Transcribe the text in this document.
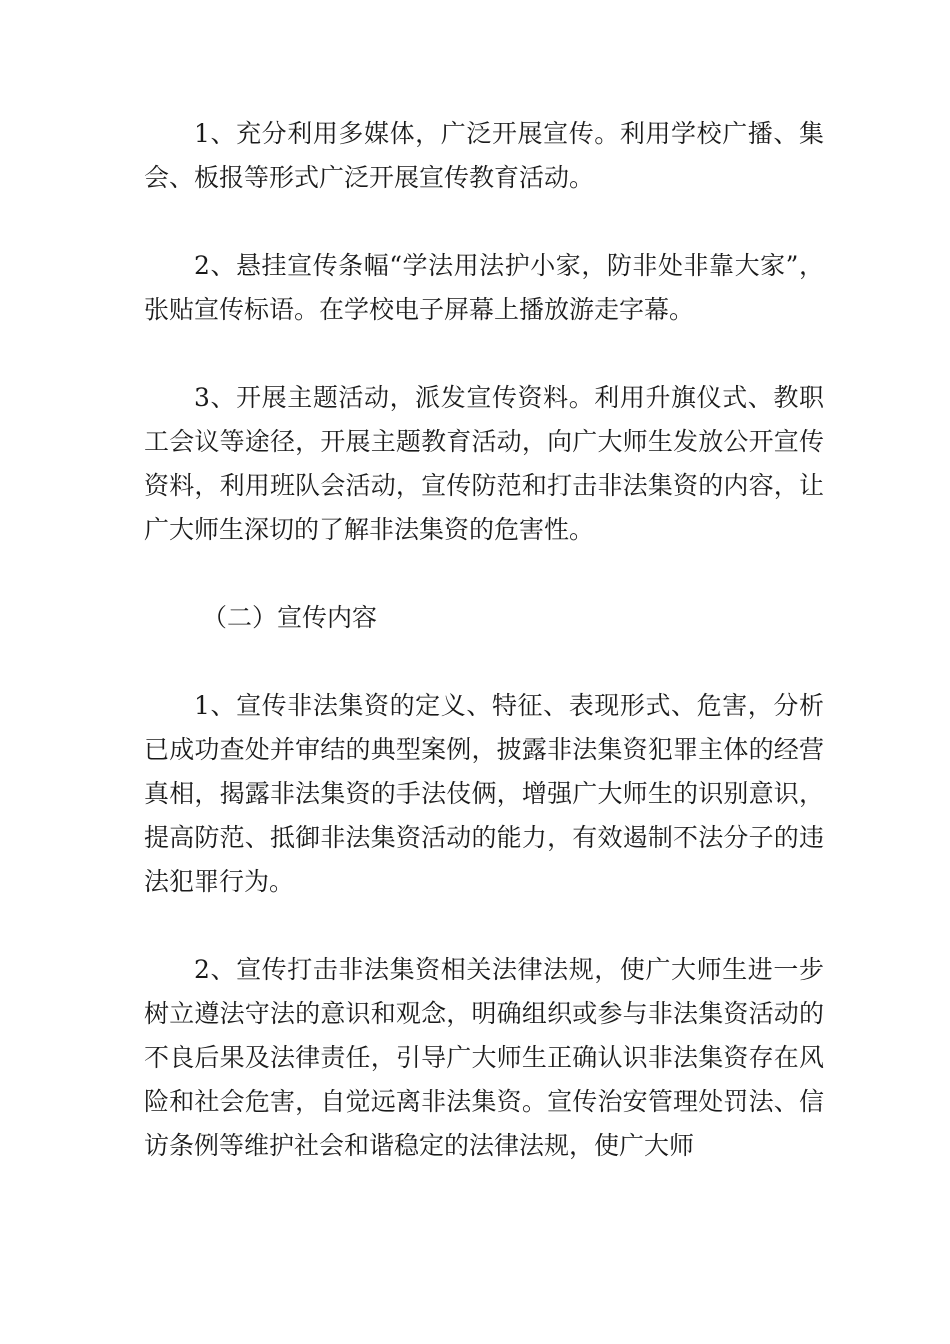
1、充分利用多媒体，广泛开展宣传。利用学校广播、集会、板报等形式广泛开展宣传教育活动。

2、悬挂宣传条幅“学法用法护小家，防非处非靠大家”，张贴宣传标语。在学校电子屏幕上播放游走字幕。

3、开展主题活动，派发宣传资料。利用升旗仪式、教职工会议等途径，开展主题教育活动，向广大师生发放公开宣传资料，利用班队会活动，宣传防范和打击非法集资的内容，让广大师生深切的了解非法集资的危害性。

（二）宣传内容

1、宣传非法集资的定义、特征、表现形式、危害，分析已成功查处并审结的典型案例，披露非法集资犯罪主体的经营真相，揭露非法集资的手法伎俩，增强广大师生的识别意识，提高防范、抵御非法集资活动的能力，有效遏制不法分子的违法犯罪行为。

2、宣传打击非法集资相关法律法规，使广大师生进一步树立遵法守法的意识和观念，明确组织或参与非法集资活动的不良后果及法律责任，引导广大师生正确认识非法集资存在风险和社会危害，自觉远离非法集资。宣传治安管理处罚法、信访条例等维护社会和谐稳定的法律法规，使广大师
